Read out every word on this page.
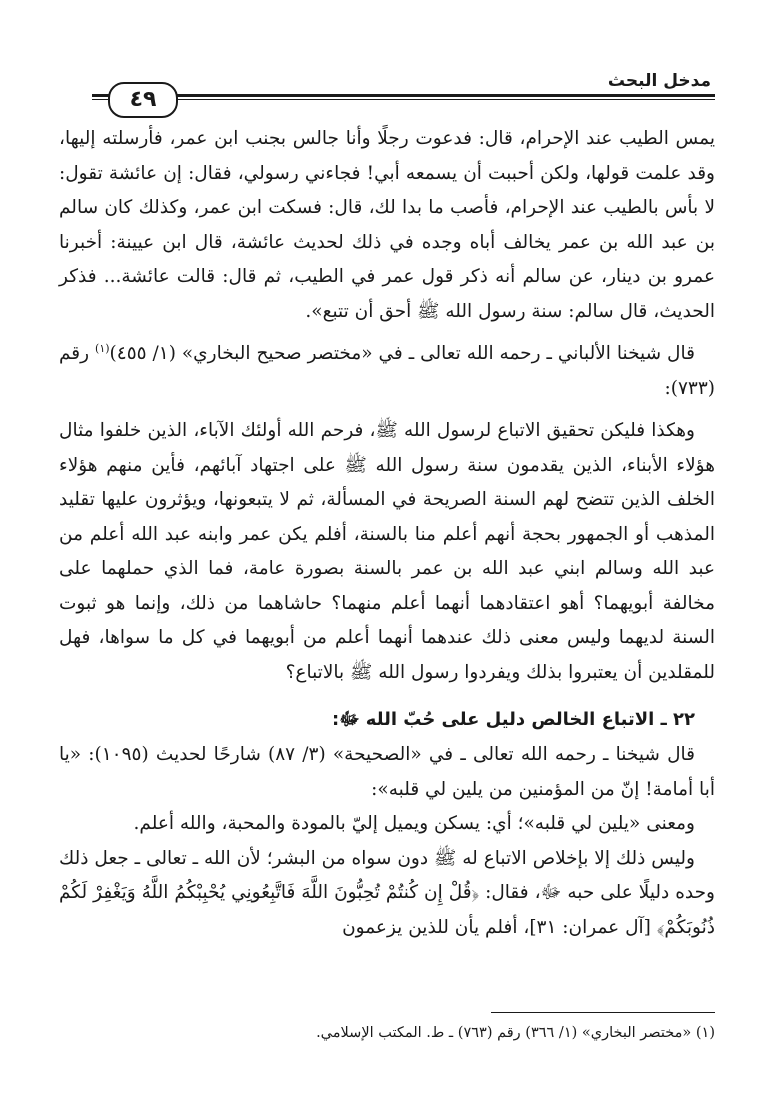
مدخل البحث
٤٩

يمس الطيب عند الإحرام، قال: فدعوت رجلًا وأنا جالس بجنب ابن عمر، فأرسلته إليها، وقد علمت قولها، ولكن أحببت أن يسمعه أبي! فجاءني رسولي، فقال: إن عائشة تقول: لا بأس بالطيب عند الإحرام، فأصب ما بدا لك، قال: فسكت ابن عمر، وكذلك كان سالم بن عبد الله بن عمر يخالف أباه وجده في ذلك لحديث عائشة، قال ابن عيينة: أخبرنا عمرو بن دينار، عن سالم أنه ذكر قول عمر في الطيب، ثم قال: قالت عائشة... فذكر الحديث، قال سالم: سنة رسول الله ﷺ أحق أن تتبع».

قال شيخنا الألباني ـ رحمه الله تعالى ـ في «مختصر صحيح البخاري» (١/ ٤٥٥)$^{(١)}$ رقم (٧٣٣):

وهكذا فليكن تحقيق الاتباع لرسول الله ﷺ، فرحم الله أولئك الآباء، الذين خلفوا مثال هؤلاء الأبناء، الذين يقدمون سنة رسول الله ﷺ على اجتهاد آبائهم، فأين منهم هؤلاء الخلف الذين تتضح لهم السنة الصريحة في المسألة، ثم لا يتبعونها، ويؤثرون عليها تقليد المذهب أو الجمهور بحجة أنهم أعلم منا بالسنة، أفلم يكن عمر وابنه عبد الله أعلم من عبد الله وسالم ابني عبد الله بن عمر بالسنة بصورة عامة، فما الذي حملهما على مخالفة أبويهما؟ أهو اعتقادهما أنهما أعلم منهما؟ حاشاهما من ذلك، وإنما هو ثبوت السنة لديهما وليس معنى ذلك عندهما أنهما أعلم من أبويهما في كل ما سواها، فهل للمقلدين أن يعتبروا بذلك ويفردوا رسول الله ﷺ بالاتباع؟

٢٢ ـ الاتباع الخالص دليل على حُبّ الله ﷻ:

قال شيخنا ـ رحمه الله تعالى ـ في «الصحيحة» (٣/ ٨٧) شارحًا لحديث (١٠٩٥): «يا أبا أمامة! إنّ من المؤمنين من يلين لي قلبه»:

ومعنى «يلين لي قلبه»؛ أي: يسكن ويميل إليّ بالمودة والمحبة، والله أعلم.

وليس ذلك إلا بإخلاص الاتباع له ﷺ دون سواه من البشر؛ لأن الله ـ تعالى ـ جعل ذلك وحده دليلًا على حبه ﷻ، فقال: ﴿قُلْ إِن كُنتُمْ تُحِبُّونَ اللَّهَ فَاتَّبِعُونِي يُحْبِبْكُمُ اللَّهُ وَيَغْفِرْ لَكُمْ ذُنُوبَكُمْ﴾ [آل عمران: ٣١]، أفلم يأن للذين يزعمون

(١) «مختصر البخاري» (١/ ٣٦٦) رقم (٧٦٣) ـ ط. المكتب الإسلامي.
